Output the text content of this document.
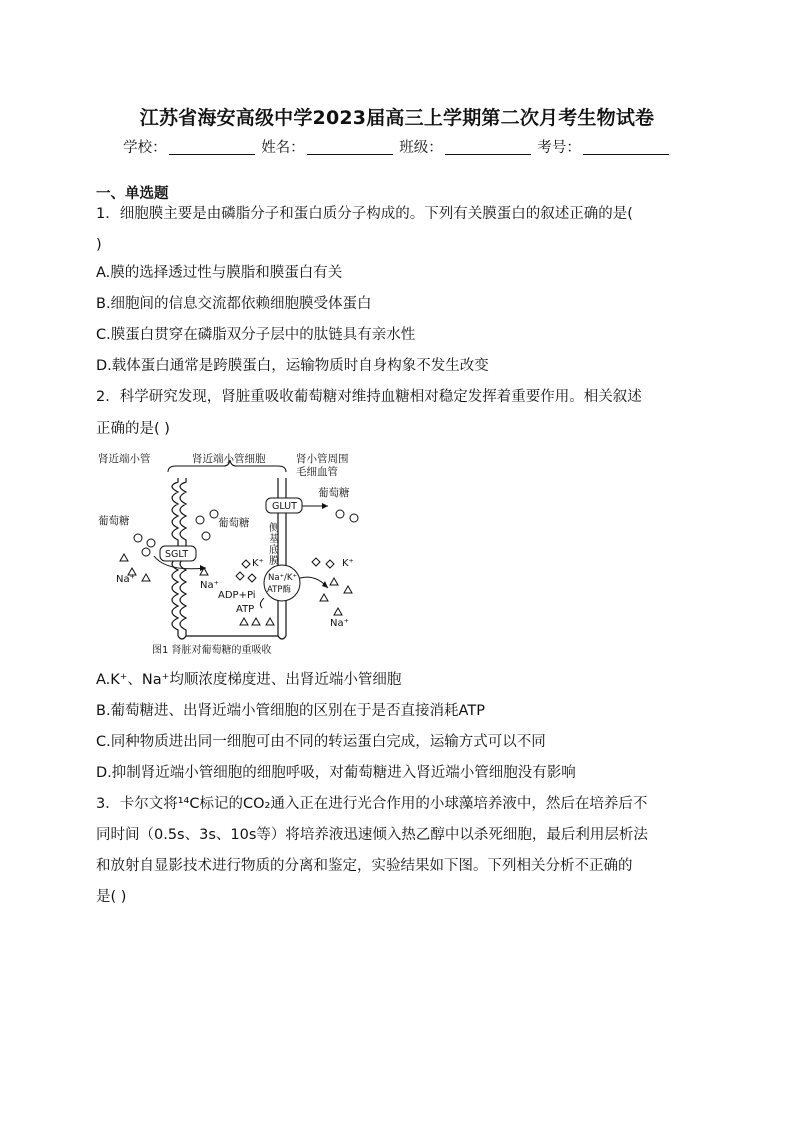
江苏省海安高级中学2023届高三上学期第二次月考生物试卷
学校：	姓名：	班级：	考号：
一、单选题
1．细胞膜主要是由磷脂分子和蛋白质分子构成的。下列有关膜蛋白的叙述正确的是(
)
A.膜的选择透过性与膜脂和膜蛋白有关
B.细胞间的信息交流都依赖细胞膜受体蛋白
C.膜蛋白贯穿在磷脂双分子层中的肽链具有亲水性
D.载体蛋白通常是跨膜蛋白，运输物质时自身构象不发生改变
2．科学研究发现，肾脏重吸收葡萄糖对维持血糖相对稳定发挥着重要作用。相关叙述
正确的是( )
肾近端小管	肾近端小管细胞	肾小管周围
毛细血管
侧基底膜
GLUT
葡萄糖
葡萄糖	葡萄糖
SGLT
Na⁺
Na⁺
K⁺
Na⁺/K⁺
ATP酶
ADP+Pi
ATP
K⁺
Na⁺
图1 肾脏对葡萄糖的重吸收
A.K⁺、Na⁺均顺浓度梯度进、出肾近端小管细胞
B.葡萄糖进、出肾近端小管细胞的区别在于是否直接消耗ATP
C.同种物质进出同一细胞可由不同的转运蛋白完成，运输方式可以不同
D.抑制肾近端小管细胞的细胞呼吸，对葡萄糖进入肾近端小管细胞没有影响
3．卡尔文将¹⁴C标记的CO₂通入正在进行光合作用的小球藻培养液中，然后在培养后不
同时间（0.5s、3s、10s等）将培养液迅速倾入热乙醇中以杀死细胞，最后利用层析法
和放射自显影技术进行物质的分离和鉴定，实验结果如下图。下列相关分析不正确的
是( )
